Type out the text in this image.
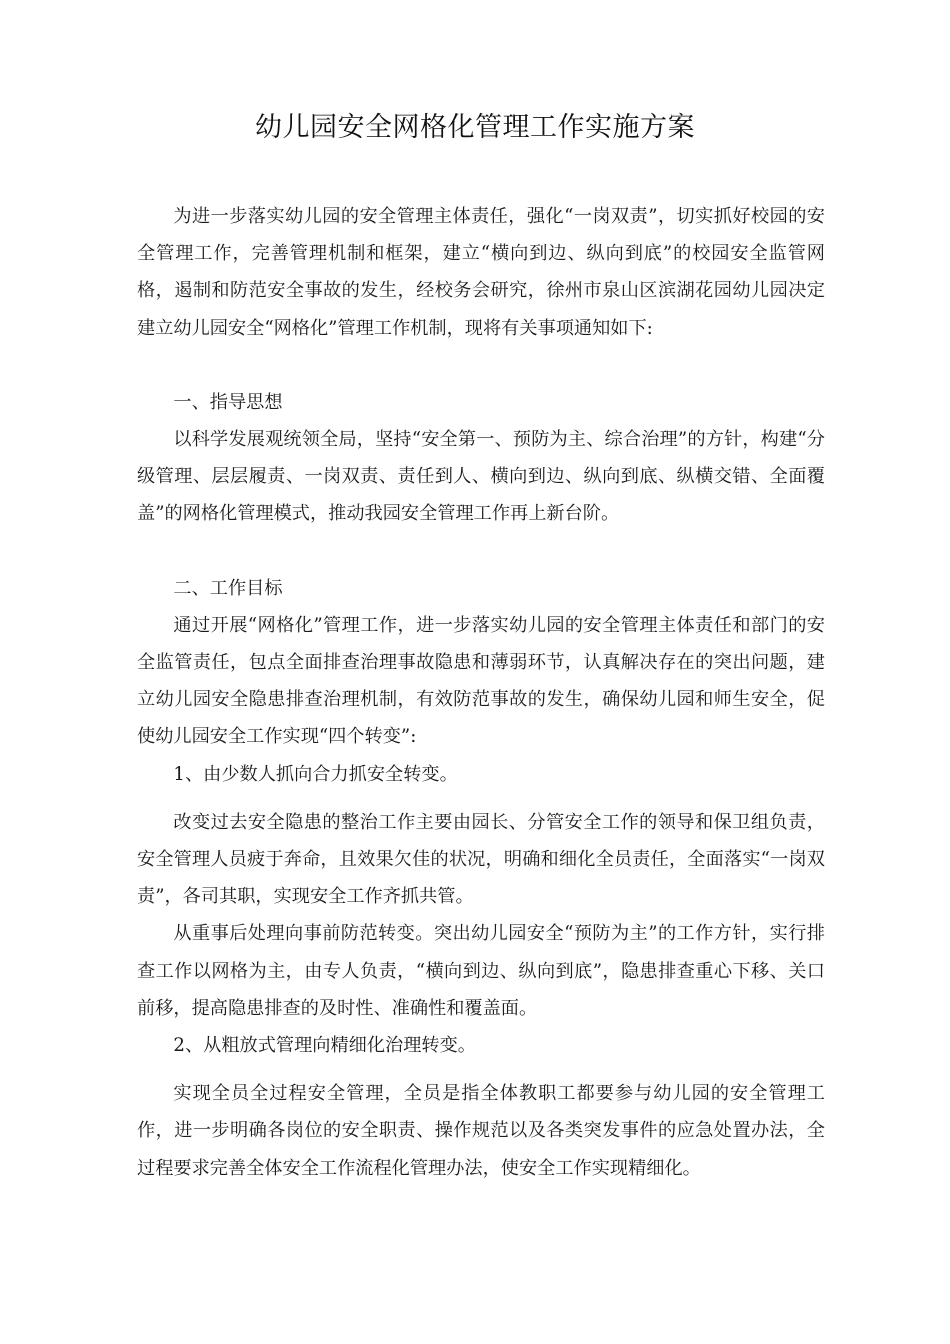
幼儿园安全网格化管理工作实施方案

为进一步落实幼儿园的安全管理主体责任，强化“一岗双责”，切实抓好校园的安全管理工作，完善管理机制和框架，建立“横向到边、纵向到底”的校园安全监管网格，遏制和防范安全事故的发生，经校务会研究，徐州市泉山区滨湖花园幼儿园决定建立幼儿园安全“网格化”管理工作机制，现将有关事项通知如下:

一、指导思想

以科学发展观统领全局，坚持“安全第一、预防为主、综合治理”的方针，构建“分级管理、层层履责、一岗双责、责任到人、横向到边、纵向到底、纵横交错、全面覆盖”的网格化管理模式，推动我园安全管理工作再上新台阶。

二、工作目标

通过开展“网格化”管理工作，进一步落实幼儿园的安全管理主体责任和部门的安全监管责任，包点全面排查治理事故隐患和薄弱环节，认真解决存在的突出问题，建立幼儿园安全隐患排查治理机制，有效防范事故的发生，确保幼儿园和师生安全，促使幼儿园安全工作实现“四个转变”:

1、由少数人抓向合力抓安全转变。

改变过去安全隐患的整治工作主要由园长、分管安全工作的领导和保卫组负责，安全管理人员疲于奔命，且效果欠佳的状况，明确和细化全员责任，全面落实“一岗双责”，各司其职，实现安全工作齐抓共管。

从重事后处理向事前防范转变。突出幼儿园安全“预防为主”的工作方针，实行排查工作以网格为主，由专人负责，“横向到边、纵向到底”，隐患排查重心下移、关口前移，提高隐患排查的及时性、准确性和覆盖面。

2、从粗放式管理向精细化治理转变。

实现全员全过程安全管理，全员是指全体教职工都要参与幼儿园的安全管理工作，进一步明确各岗位的安全职责、操作规范以及各类突发事件的应急处置办法，全过程要求完善全体安全工作流程化管理办法，使安全工作实现精细化。
